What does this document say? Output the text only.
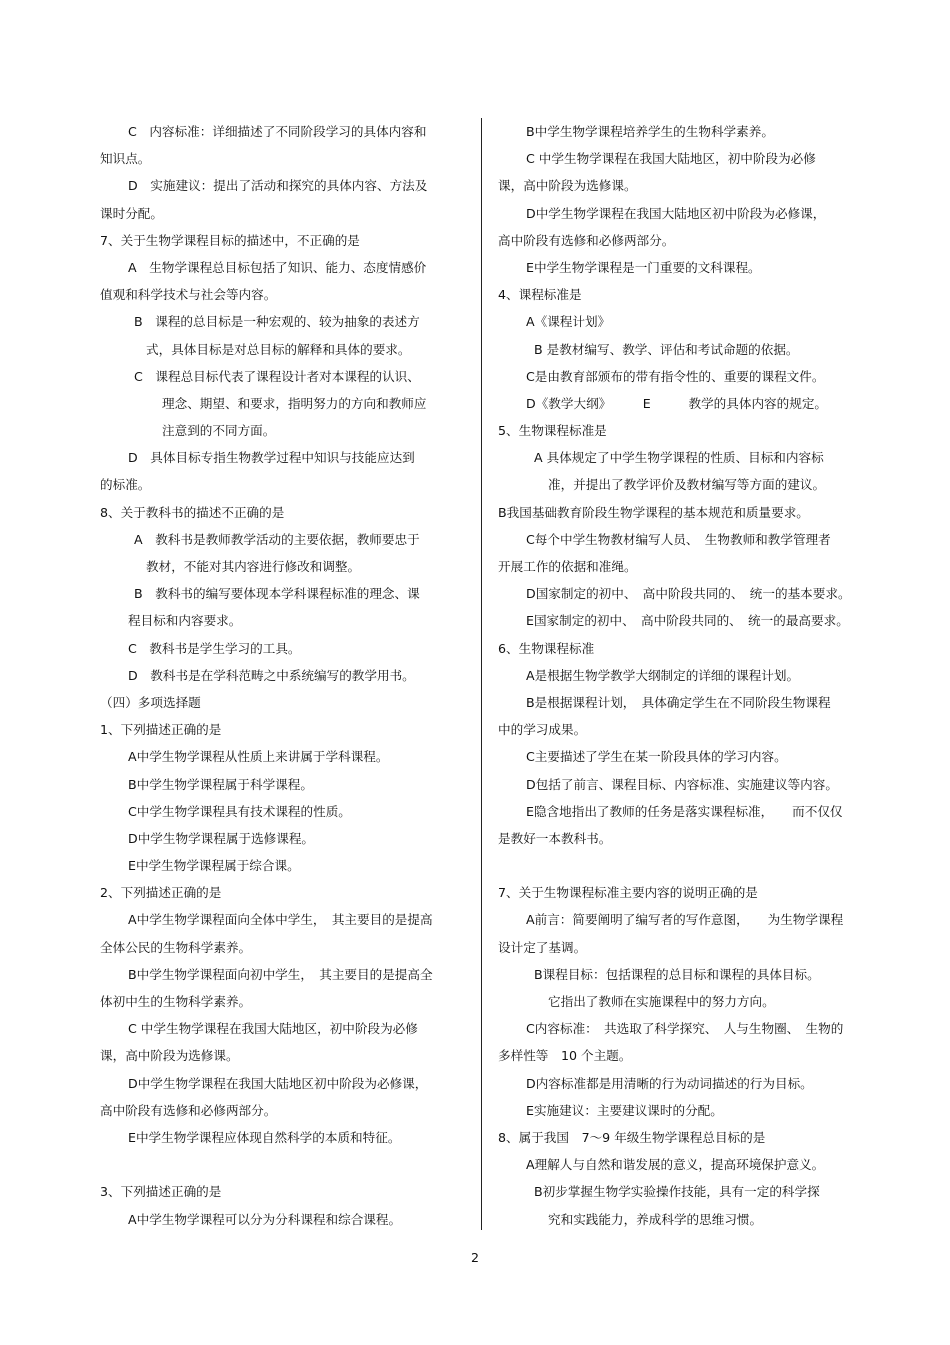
C　内容标准：详细描述了不同阶段学习的具体内容和
知识点。
D　实施建议：提出了活动和探究的具体内容、方法及
课时分配。
7、关于生物学课程目标的描述中，不正确的是
A　生物学课程总目标包括了知识、能力、态度情感价
值观和科学技术与社会等内容。
B　课程的总目标是一种宏观的、较为抽象的表述方
式，具体目标是对总目标的解释和具体的要求。
C　课程总目标代表了课程设计者对本课程的认识、
理念、期望、和要求，指明努力的方向和教师应
注意到的不同方面。
D　具体目标专指生物教学过程中知识与技能应达到
的标准。
8、关于教科书的描述不正确的是
A　教科书是教师教学活动的主要依据，教师要忠于
教材，不能对其内容进行修改和调整。
B　教科书的编写要体现本学科课程标准的理念、课
程目标和内容要求。
C　教科书是学生学习的工具。
D　教科书是在学科范畴之中系统编写的教学用书。
（四）多项选择题
1、下列描述正确的是
A中学生物学课程从性质上来讲属于学科课程。
B中学生物学课程属于科学课程。
C中学生物学课程具有技术课程的性质。
D中学生物学课程属于选修课程。
E中学生物学课程属于综合课。
2、下列描述正确的是
A中学生物学课程面向全体中学生，　其主要目的是提高
全体公民的生物科学素养。
B中学生物学课程面向初中学生，　其主要目的是提高全
体初中生的生物科学素养。
C 中学生物学课程在我国大陆地区，初中阶段为必修
课，高中阶段为选修课。
D中学生物学课程在我国大陆地区初中阶段为必修课，
高中阶段有选修和必修两部分。
E中学生物学课程应体现自然科学的本质和特征。
3、下列描述正确的是
A中学生物学课程可以分为分科课程和综合课程。
B中学生物学课程培养学生的生物科学素养。
C 中学生物学课程在我国大陆地区，初中阶段为必修
课，高中阶段为选修课。
D中学生物学课程在我国大陆地区初中阶段为必修课，
高中阶段有选修和必修两部分。
E中学生物学课程是一门重要的文科课程。
4、课程标准是
A《课程计划》
B 是教材编写、教学、评估和考试命题的依据。
C是由教育部颁布的带有指令性的、重要的课程文件。
D《教学大纲》　　　E　　　教学的具体内容的规定。
5、生物课程标准是
A 具体规定了中学生物学课程的性质、目标和内容标
准，并提出了教学评价及教材编写等方面的建议。
B我国基础教育阶段生物学课程的基本规范和质量要求。
C每个中学生物教材编写人员、　生物教师和教学管理者
开展工作的依据和准绳。
D国家制定的初中、　高中阶段共同的、　统一的基本要求。
E国家制定的初中、　高中阶段共同的、　统一的最高要求。
6、生物课程标准
A是根据生物学教学大纲制定的详细的课程计划。
B是根据课程计划，　具体确定学生在不同阶段生物课程
中的学习成果。
C主要描述了学生在某一阶段具体的学习内容。
D包括了前言、课程目标、内容标准、实施建议等内容。
E隐含地指出了教师的任务是落实课程标准，　　而不仅仅
是教好一本教科书。
7、关于生物课程标准主要内容的说明正确的是
A前言：简要阐明了编写者的写作意图，　　为生物学课程
设计定了基调。
B课程目标：包括课程的总目标和课程的具体目标。
它指出了教师在实施课程中的努力方向。
C内容标准：　共选取了科学探究、　人与生物圈、　生物的
多样性等　10 个主题。
D内容标准都是用清晰的行为动词描述的行为目标。
E实施建议：主要建议课时的分配。
8、属于我国　7～9 年级生物学课程总目标的是
A理解人与自然和谐发展的意义，提高环境保护意义。
B初步掌握生物学实验操作技能，具有一定的科学探
究和实践能力，养成科学的思维习惯。
2
